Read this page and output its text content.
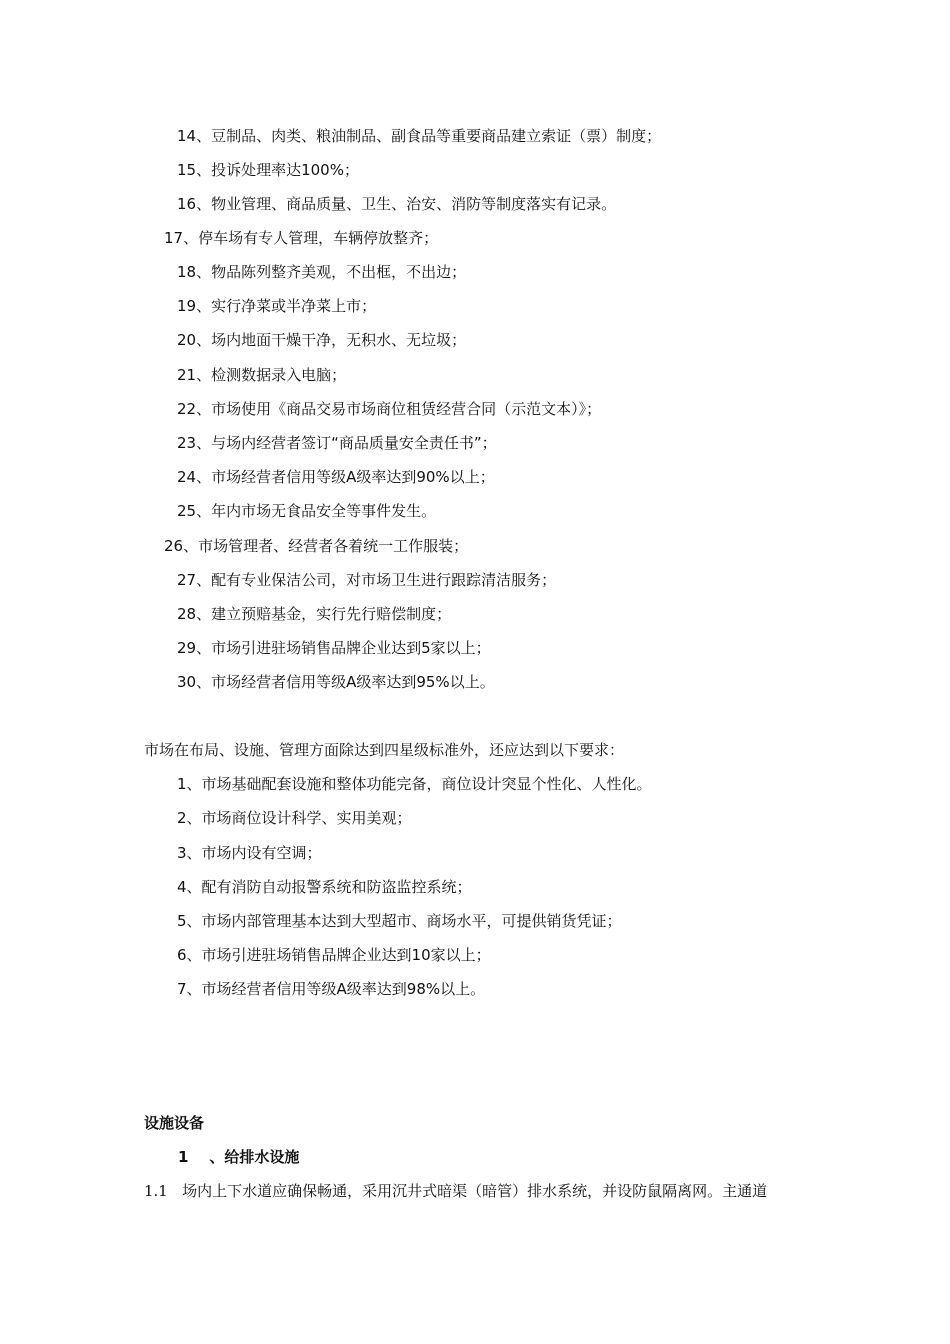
14、豆制品、肉类、粮油制品、副食品等重要商品建立索证（票）制度；
15、投诉处理率达100%；
16、物业管理、商品质量、卫生、治安、消防等制度落实有记录。
17、停车场有专人管理，车辆停放整齐；
18、物品陈列整齐美观，不出框，不出边；
19、实行净菜或半净菜上市；
20、场内地面干燥干净，无积水、无垃圾；
21、检测数据录入电脑；
22、市场使用《商品交易市场商位租赁经营合同（示范文本）》；
23、与场内经营者签订“商品质量安全责任书”；
24、市场经营者信用等级A级率达到90%以上；
25、年内市场无食品安全等事件发生。
26、市场管理者、经营者各着统一工作服装；
27、配有专业保洁公司，对市场卫生进行跟踪清洁服务；
28、建立预赔基金，实行先行赔偿制度；
29、市场引进驻场销售品牌企业达到5家以上；
30、市场经营者信用等级A级率达到95%以上。
市场在布局、设施、管理方面除达到四星级标准外，还应达到以下要求：
1、市场基础配套设施和整体功能完备，商位设计突显个性化、人性化。
2、市场商位设计科学、实用美观；
3、市场内设有空调；
4、配有消防自动报警系统和防盗监控系统；
5、市场内部管理基本达到大型超市、商场水平，可提供销货凭证；
6、市场引进驻场销售品牌企业达到10家以上；
7、市场经营者信用等级A级率达到98%以上。
设施设备
1    、给排水设施
1.1   场内上下水道应确保畅通，采用沉井式暗渠（暗管）排水系统，并设防鼠隔离网。主通道
